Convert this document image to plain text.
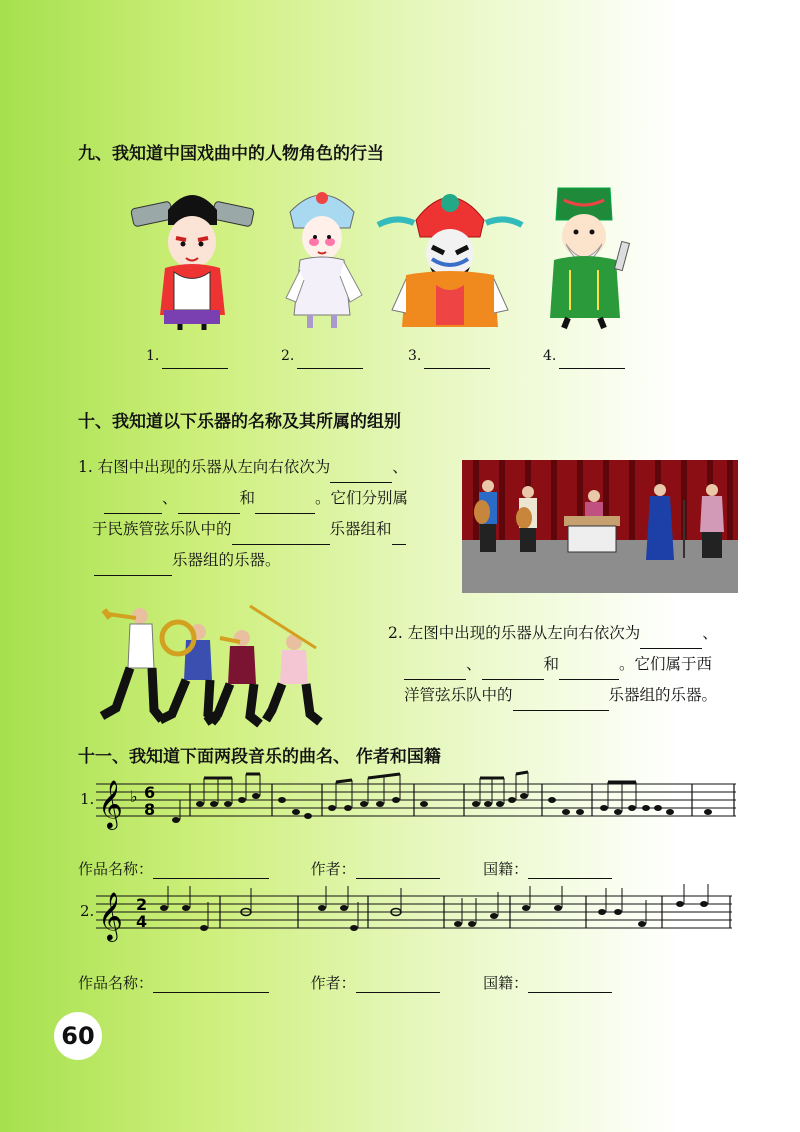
九、我知道中国戏曲中的人物角色的行当
1.	2.	3.	4.
十、我知道以下乐器的名称及其所属的组别
1. 右图中出现的乐器从左向右依次为	、
、	和	。它们分别属
于民族管弦乐队中的	乐器组和
乐器组的乐器。
2. 左图中出现的乐器从左向右依次为	、
、	和	。它们属于西
洋管弦乐队中的	乐器组的乐器。
十一、我知道下面两段音乐的曲名、 作者和国籍
1. 𝄞 ♭ 6
8
作品名称：	作者：	国籍：
2. 𝄞 2
4
作品名称：	作者：	国籍：
60
